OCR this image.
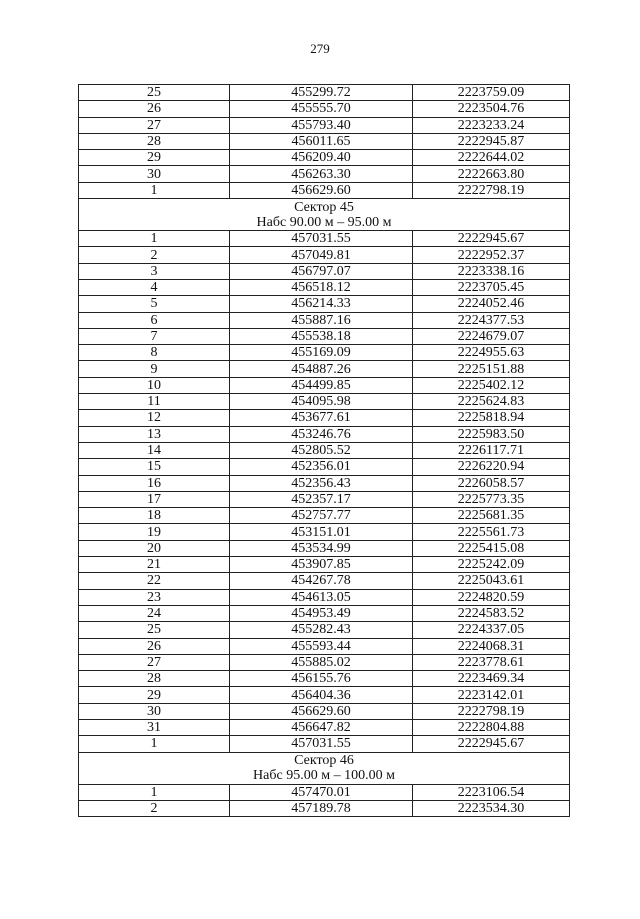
279
25	455299.72	2223759.09
26	455555.70	2223504.76
27	455793.40	2223233.24
28	456011.65	2222945.87
29	456209.40	2222644.02
30	456263.30	2222663.80
1	456629.60	2222798.19

Сектор 45
Набс 90.00 м – 95.00 м		

1	457031.55	2222945.67
2	457049.81	2222952.37
3	456797.07	2223338.16
4	456518.12	2223705.45
5	456214.33	2224052.46
6	455887.16	2224377.53
7	455538.18	2224679.07
8	455169.09	2224955.63
9	454887.26	2225151.88
10	454499.85	2225402.12
11	454095.98	2225624.83
12	453677.61	2225818.94
13	453246.76	2225983.50
14	452805.52	2226117.71
15	452356.01	2226220.94
16	452356.43	2226058.57
17	452357.17	2225773.35
18	452757.77	2225681.35
19	453151.01	2225561.73
20	453534.99	2225415.08
21	453907.85	2225242.09
22	454267.78	2225043.61
23	454613.05	2224820.59
24	454953.49	2224583.52
25	455282.43	2224337.05
26	455593.44	2224068.31
27	455885.02	2223778.61
28	456155.76	2223469.34
29	456404.36	2223142.01
30	456629.60	2222798.19
31	456647.82	2222804.88
1	457031.55	2222945.67

Сектор 46
Набс 95.00 м – 100.00 м		

1	457470.01	2223106.54
2	457189.78	2223534.30
